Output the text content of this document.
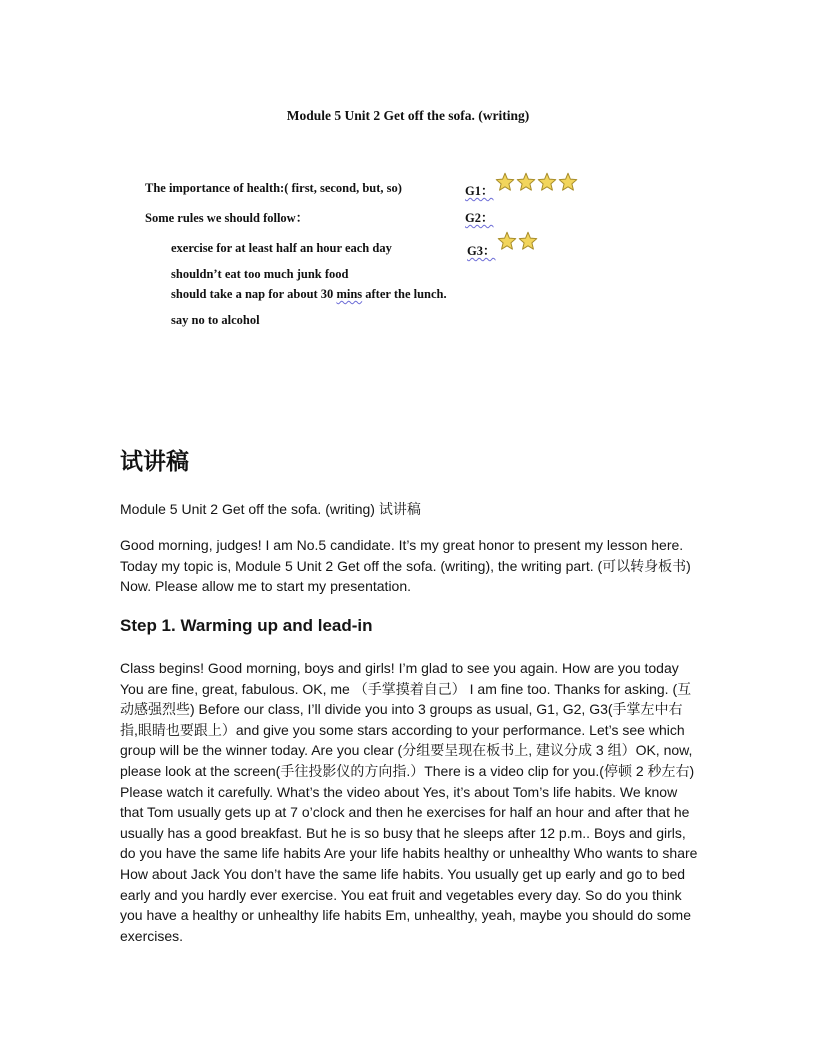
Module 5 Unit 2 Get off the sofa. (writing)
The importance of health:( first, second, but, so)
Some rules we should follow：
exercise for at least half an hour each day
shouldn’t eat too much junk food
should take a nap for about 30 mins after the lunch.
say no to alcohol
G1：
G2：
G3：
试讲稿
Module 5 Unit 2 Get off the sofa. (writing) 试讲稿
Good morning, judges! I am No.5 candidate. It’s my great honor to present my lesson here. Today my topic is, Module 5 Unit 2 Get off the sofa. (writing), the writing part. (可以转身板书) Now. Please allow me to start my presentation.
Step 1. Warming up and lead-in
Class begins! Good morning, boys and girls! I’m glad to see you again. How are you today You are fine, great, fabulous. OK, me （手掌摸着自己） I am fine too. Thanks for asking. (互动感强烈些) Before our class, I’ll divide you into 3 groups as usual, G1, G2, G3(手掌左中右指,眼睛也要跟上）and give you some stars according to your performance. Let’s see which group will be the winner today. Are you clear (分组要呈现在板书上, 建议分成 3 组）OK, now, please look at the screen(手往投影仪的方向指.）There is a video clip for you.(停顿 2 秒左右) Please watch it carefully. What’s the video about Yes, it’s about Tom’s life habits. We know that Tom usually gets up at 7 o’clock and then he exercises for half an hour and after that he usually has a good breakfast. But he is so busy that he sleeps after 12 p.m.. Boys and girls, do you have the same life habits Are your life habits healthy or unhealthy Who wants to share How about Jack You don’t have the same life habits. You usually get up early and go to bed early and you hardly ever exercise. You eat fruit and vegetables every day. So do you think you have a healthy or unhealthy life habits Em, unhealthy, yeah, maybe you should do some exercises.
